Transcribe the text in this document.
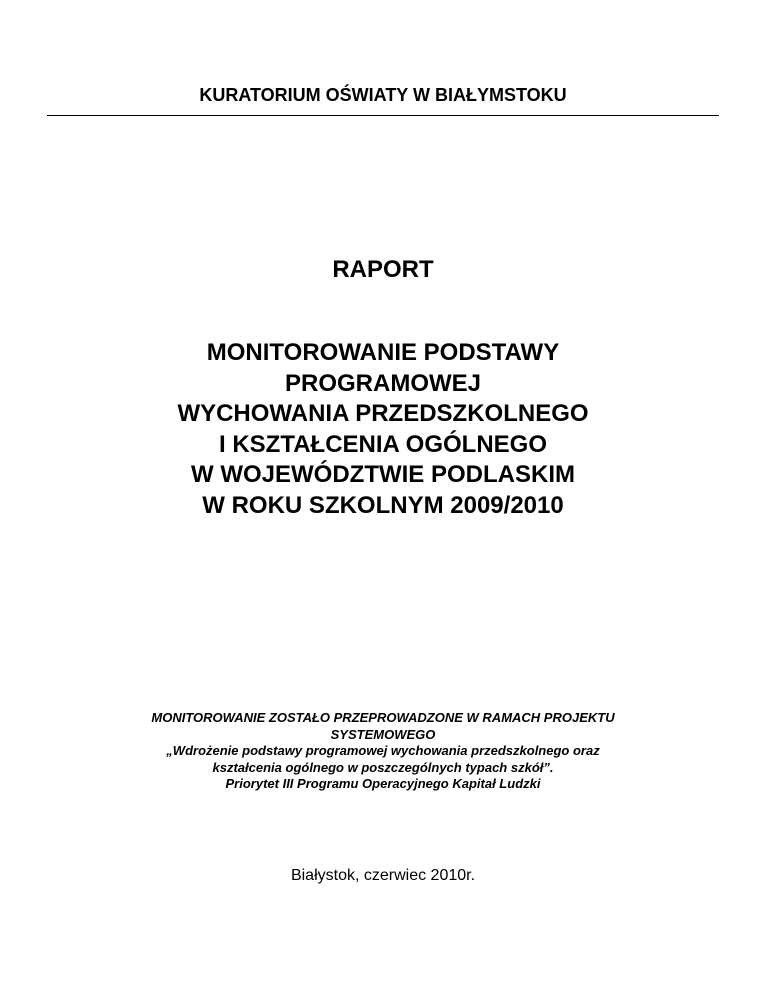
KURATORIUM OŚWIATY W BIAŁYMSTOKU
RAPORT
MONITOROWANIE PODSTAWY
PROGRAMOWEJ
WYCHOWANIA PRZEDSZKOLNEGO
I KSZTAŁCENIA OGÓLNEGO
W WOJEWÓDZTWIE PODLASKIM
W ROKU SZKOLNYM 2009/2010
MONITOROWANIE ZOSTAŁO PRZEPROWADZONE W RAMACH PROJEKTU
SYSTEMOWEGO
„Wdrożenie podstawy programowej wychowania przedszkolnego oraz
kształcenia ogólnego w poszczególnych typach szkół”.
Priorytet III Programu Operacyjnego Kapitał Ludzki
Białystok, czerwiec 2010r.
